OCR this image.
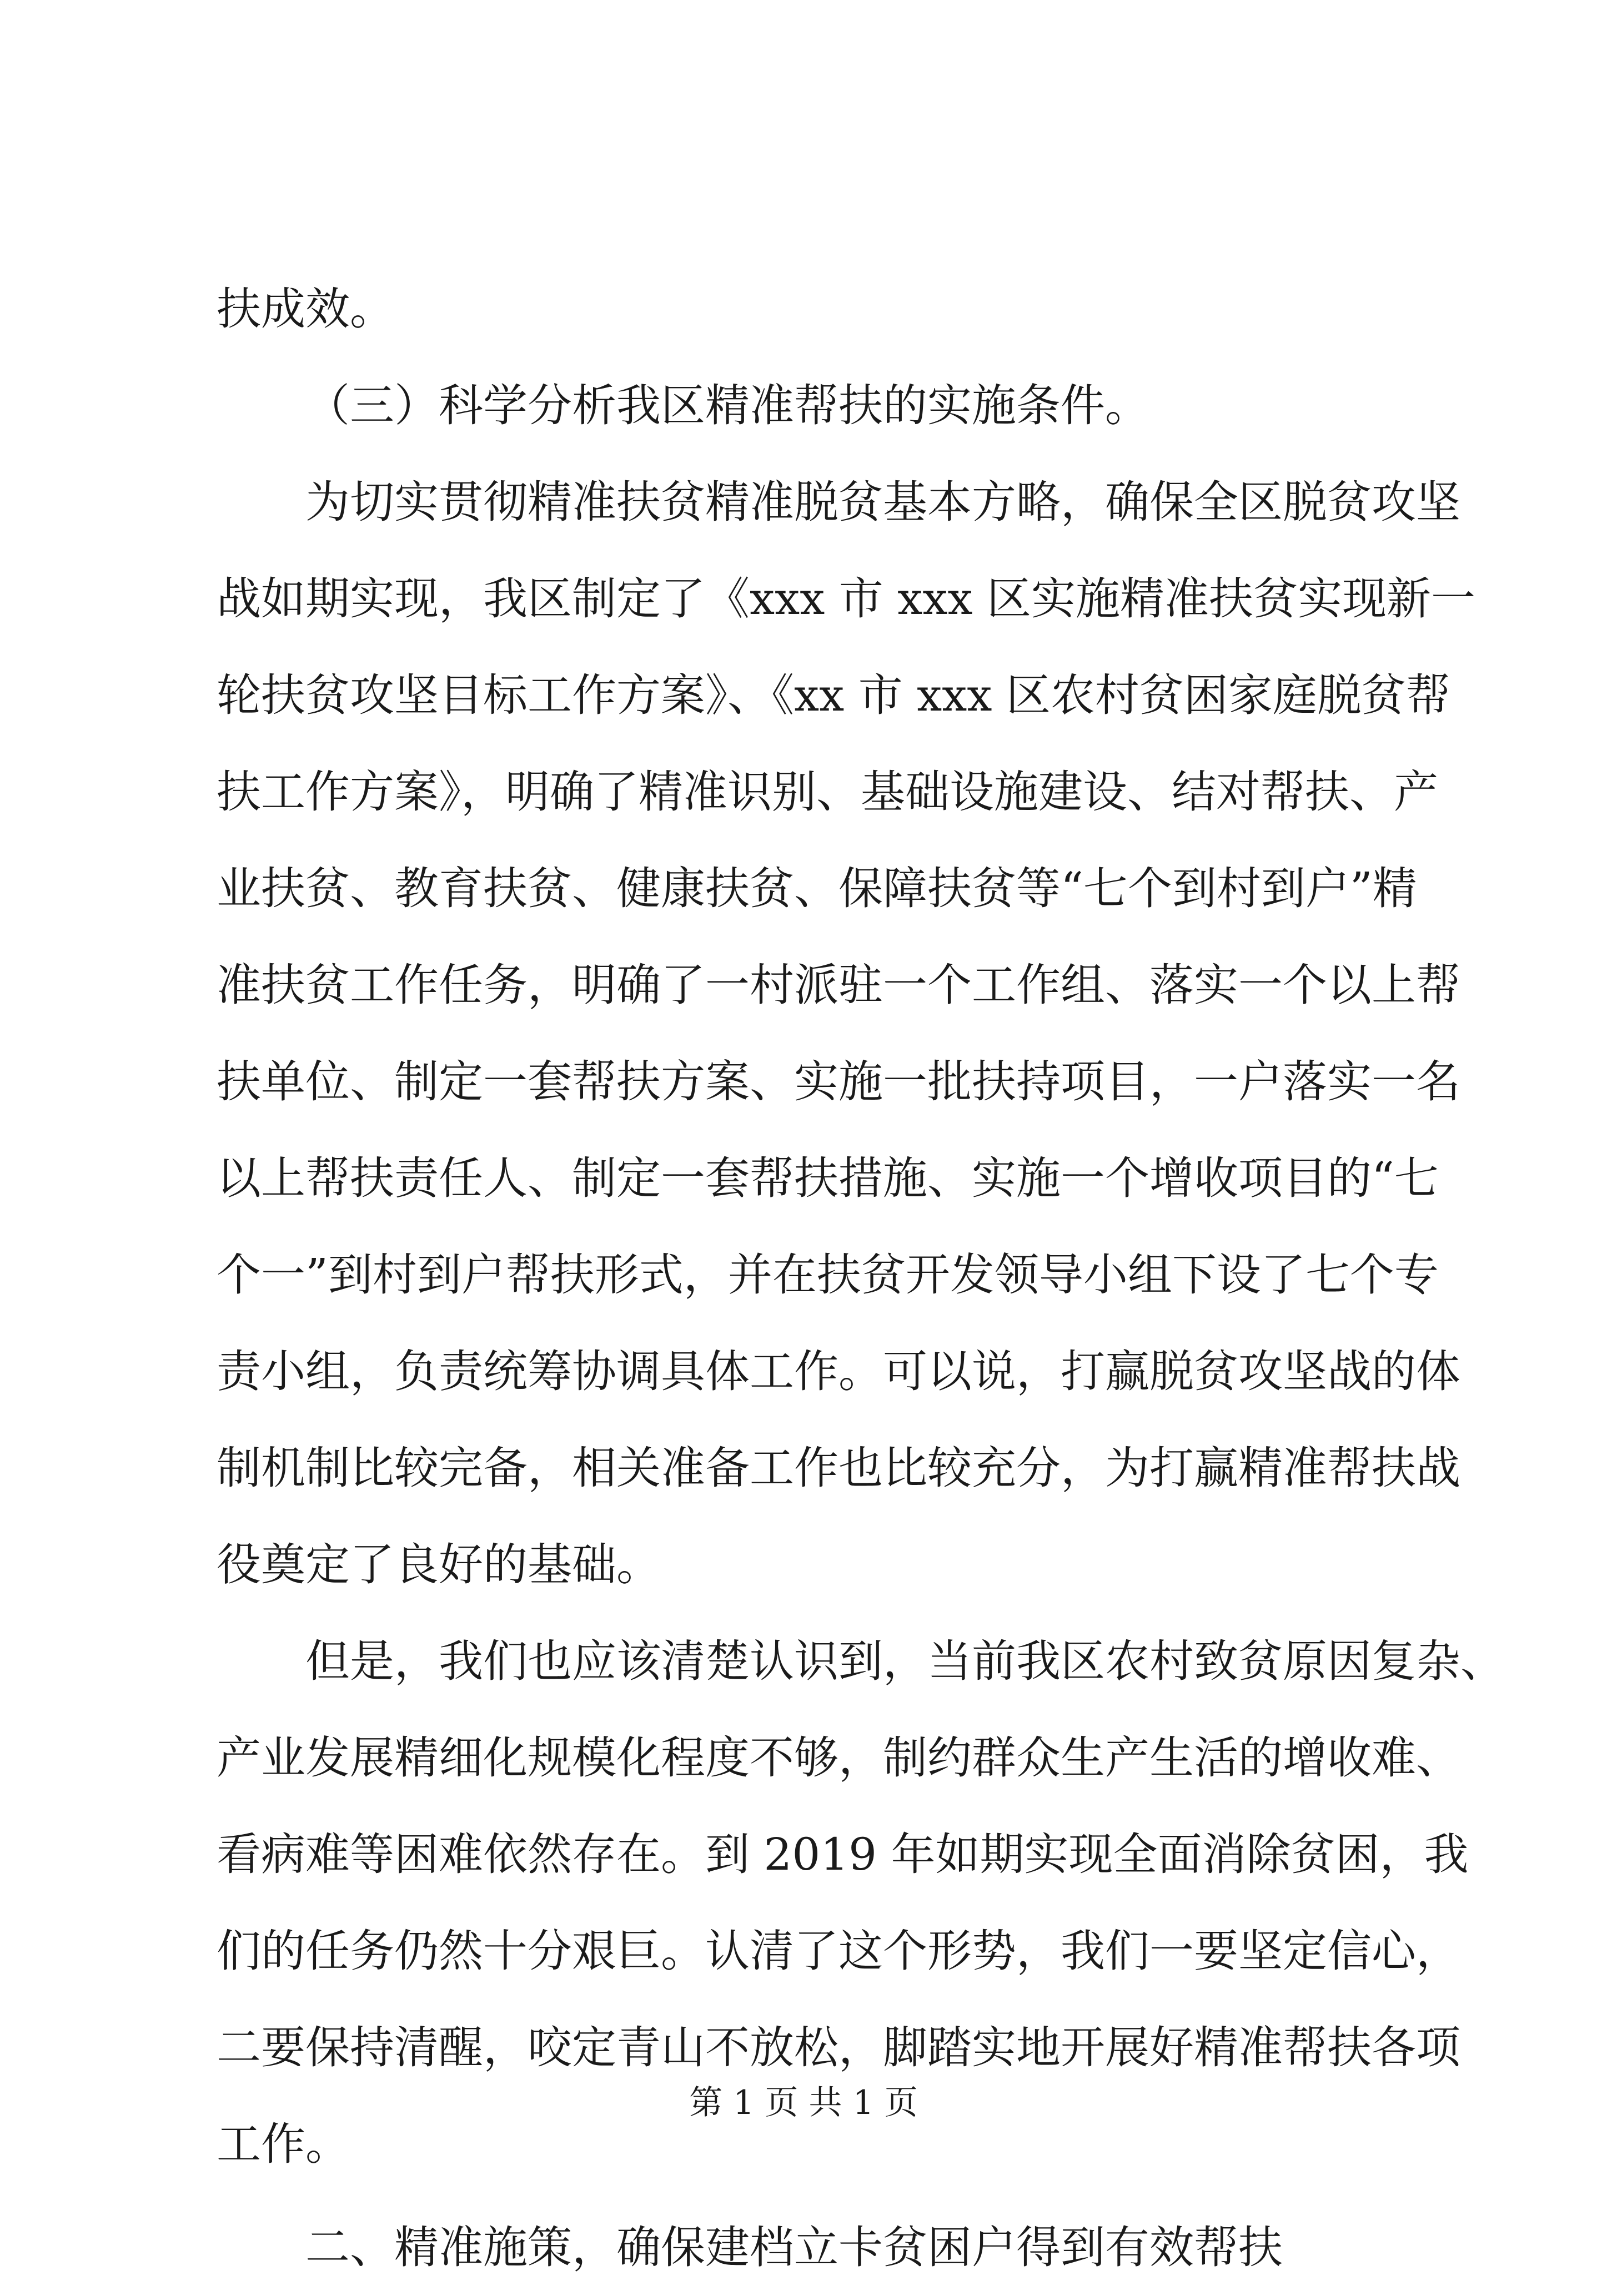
扶成效。
（三）科学分析我区精准帮扶的实施条件。
为切实贯彻精准扶贫精准脱贫基本方略，确保全区脱贫攻坚
战如期实现，我区制定了《xxx 市 xxx 区实施精准扶贫实现新一
轮扶贫攻坚目标工作方案》、《xx 市 xxx 区农村贫困家庭脱贫帮
扶工作方案》，明确了精准识别、基础设施建设、结对帮扶、产
业扶贫、教育扶贫、健康扶贫、保障扶贫等“七个到村到户”精
准扶贫工作任务，明确了一村派驻一个工作组、落实一个以上帮
扶单位、制定一套帮扶方案、实施一批扶持项目，一户落实一名
以上帮扶责任人、制定一套帮扶措施、实施一个增收项目的“七
个一”到村到户帮扶形式，并在扶贫开发领导小组下设了七个专
责小组，负责统筹协调具体工作。可以说，打赢脱贫攻坚战的体
制机制比较完备，相关准备工作也比较充分，为打赢精准帮扶战
役奠定了良好的基础。
但是，我们也应该清楚认识到，当前我区农村致贫原因复杂、
产业发展精细化规模化程度不够，制约群众生产生活的增收难、
看病难等困难依然存在。到 2019 年如期实现全面消除贫困，我
们的任务仍然十分艰巨。认清了这个形势，我们一要坚定信心，
二要保持清醒，咬定青山不放松，脚踏实地开展好精准帮扶各项
工作。
二、精准施策，确保建档立卡贫困户得到有效帮扶
第 1 页 共 1 页
